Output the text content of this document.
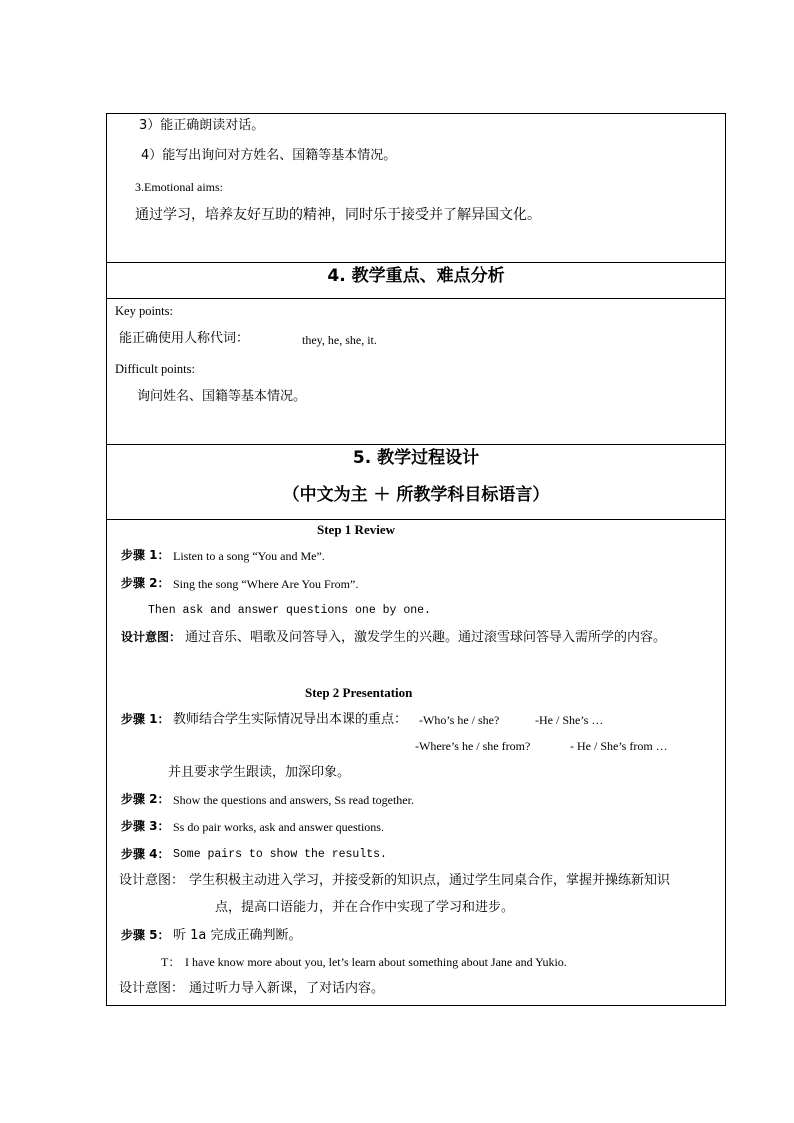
3）能正确朗读对话。
4）能写出询问对方姓名、国籍等基本情况。
3.Emotional aims:
通过学习，培养友好互助的精神，同时乐于接受并了解异国文化。
4. 教学重点、难点分析
Key points:
能正确使用人称代词：	they, he, she, it.
Difficult points:
询问姓名、国籍等基本情况。
5. 教学过程设计
（中文为主 ＋ 所教学科目标语言）
Step 1 Review
步骤 1： Listen to a song “You and Me”.
步骤 2： Sing the song “Where Are You From”.
Then ask and answer questions one by one.
设计意图： 通过音乐、唱歌及问答导入，激发学生的兴趣。通过滚雪球问答导入需所学的内容。
Step 2 Presentation
步骤 1： 教师结合学生实际情况导出本课的重点： -Who’s he / she?	-He / She’s …
-Where’s he / she from?	- He / She’s from …
并且要求学生跟读，加深印象。
步骤 2： Show the questions and answers, Ss read together.
步骤 3： Ss do pair works, ask and answer questions.
步骤 4： Some pairs to show the results.
设计意图： 学生积极主动进入学习，并接受新的知识点，通过学生同桌合作，掌握并操练新知识
点，提高口语能力，并在合作中实现了学习和进步。
步骤 5： 听 1a 完成正确判断。
T： I have know more about you, let’s learn about something about Jane and Yukio.
设计意图： 通过听力导入新课，了对话内容。
